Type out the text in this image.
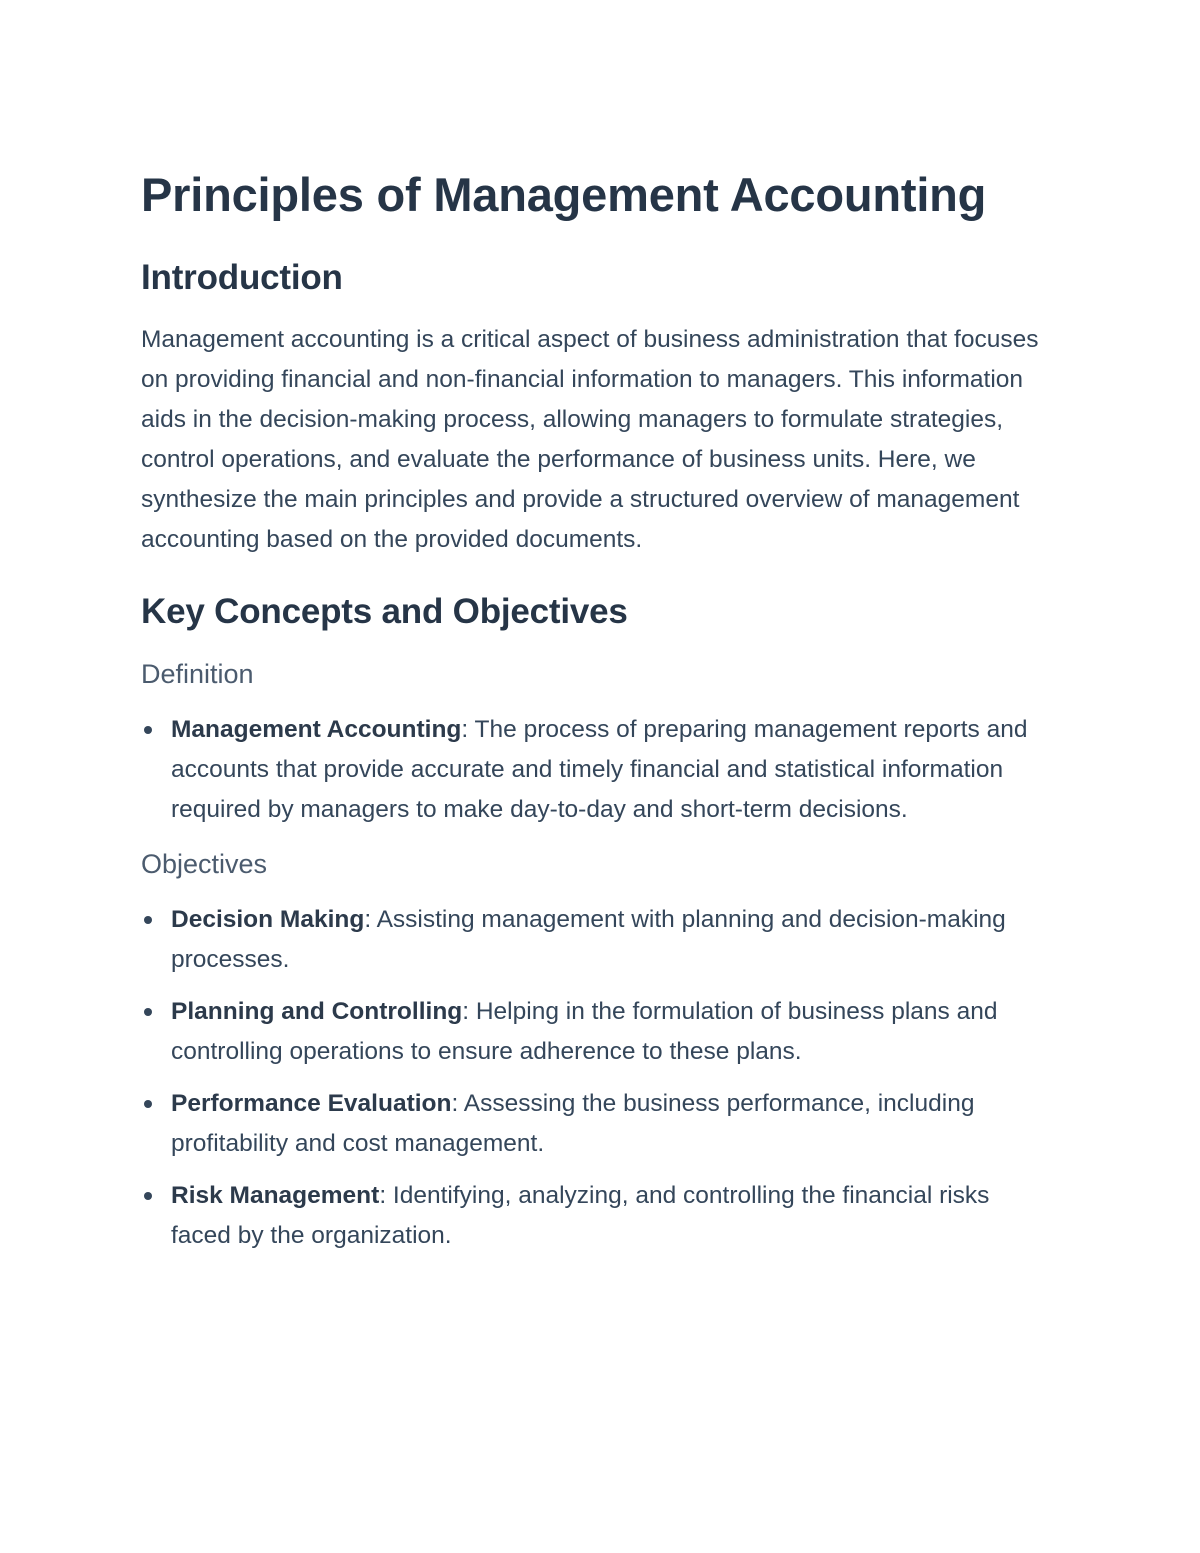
Principles of Management Accounting
Introduction

Management accounting is a critical aspect of business administration that focuses on providing financial and non-financial information to managers. This information aids in the decision-making process, allowing managers to formulate strategies, control operations, and evaluate the performance of business units. Here, we synthesize the main principles and provide a structured overview of management accounting based on the provided documents.

Key Concepts and Objectives
Definition
Management Accounting: The process of preparing management reports and accounts that provide accurate and timely financial and statistical information required by managers to make day-to-day and short-term decisions.
Objectives
Decision Making: Assisting management with planning and decision-making processes.
Planning and Controlling: Helping in the formulation of business plans and controlling operations to ensure adherence to these plans.
Performance Evaluation: Assessing the business performance, including profitability and cost management.
Risk Management: Identifying, analyzing, and controlling the financial risks faced by the organization.
